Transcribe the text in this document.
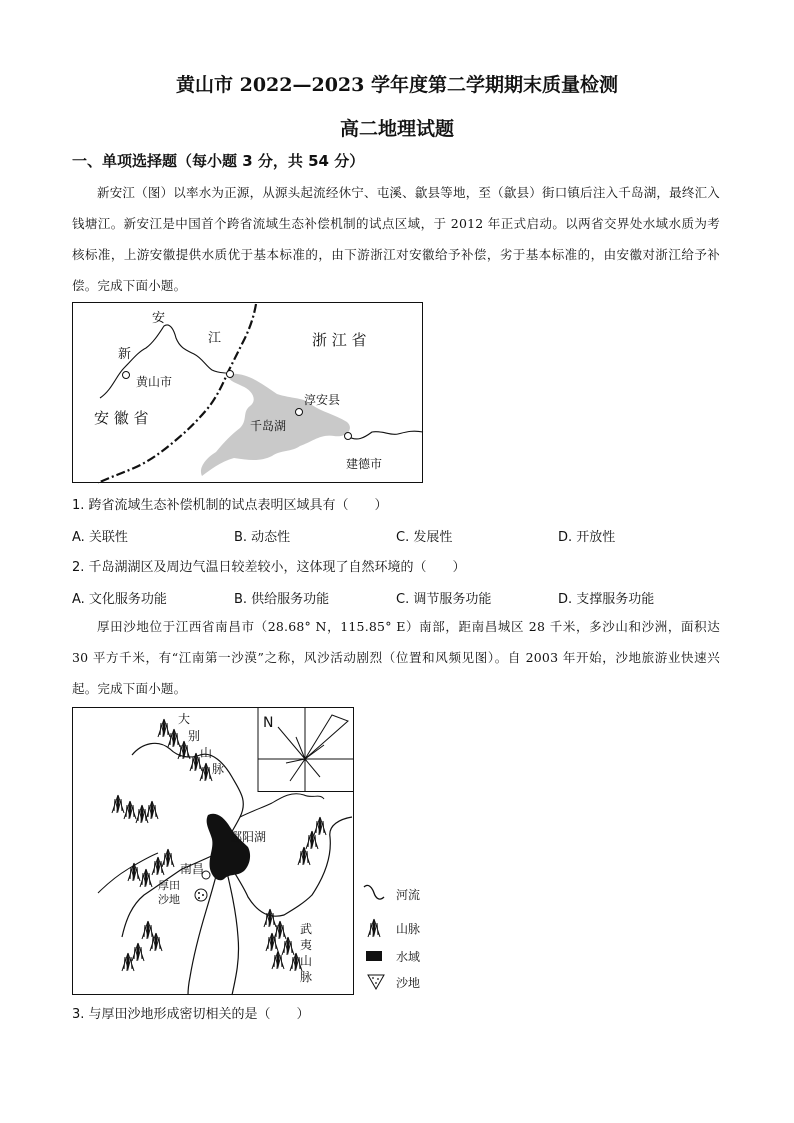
黄山市 2022—2023 学年度第二学期期末质量检测
高二地理试题
一、单项选择题（每小题 3 分，共 54 分）

新安江（图）以率水为正源，从源头起流经休宁、屯溪、歙县等地，至（歙县）街口镇后注入千岛湖，最终汇入钱塘江。新安江是中国首个跨省流域生态补偿机制的试点区域，于 2012 年正式启动。以两省交界处水域水质为考核标准，上游安徽提供水质优于基本标准的，由下游浙江对安徽给予补偿，劣于基本标准的，由安徽对浙江给予补偿。完成下面小题。

安
江
新
黄山市
安 徽 省
浙 江 省
淳安县
千岛湖
建德市
1. 跨省流域生态补偿机制的试点表明区域具有（　　）
A. 关联性	B. 动态性	C. 发展性	D. 开放性
2. 千岛湖湖区及周边气温日较差较小，这体现了自然环境的（　　）
A. 文化服务功能	B. 供给服务功能	C. 调节服务功能	D. 支撑服务功能

厚田沙地位于江西省南昌市（28.68° N，115.85° E）南部，距南昌城区 28 千米，多沙山和沙洲，面积达 30 平方千米，有“江南第一沙漠”之称，风沙活动剧烈（位置和风频见图）。自 2003 年开始，沙地旅游业快速兴起。完成下面小题。

N
大
别
山
脉
鄱阳湖
南昌
厚田
沙地
武
夷
山
脉
河流
山脉
水域
沙地
3. 与厚田沙地形成密切相关的是（　　）
